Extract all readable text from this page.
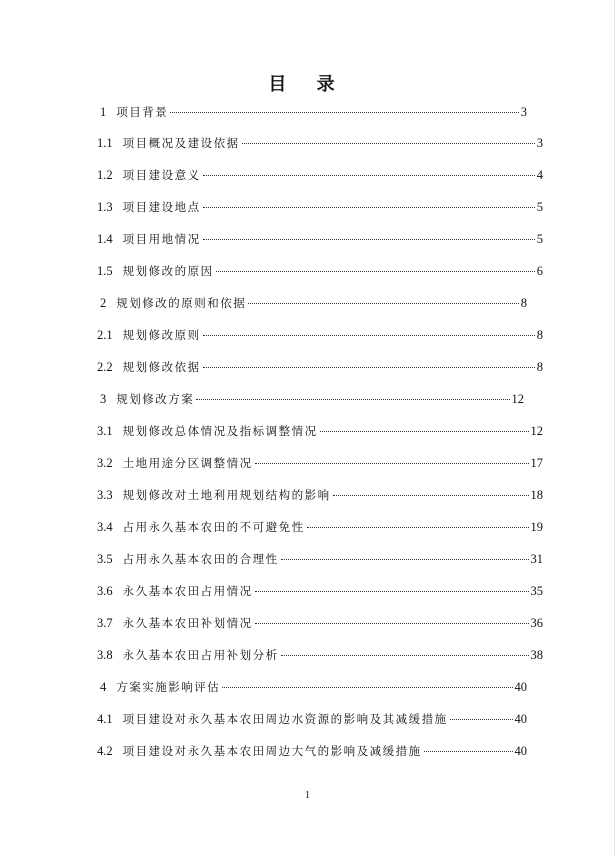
目 录
1 项目背景	3
1.1 项目概况及建设依据	3
1.2 项目建设意义	4
1.3 项目建设地点	5
1.4 项目用地情况	5
1.5 规划修改的原因	6
2 规划修改的原则和依据	8
2.1 规划修改原则	8
2.2 规划修改依据	8
3 规划修改方案	12
3.1 规划修改总体情况及指标调整情况	12
3.2 土地用途分区调整情况	17
3.3 规划修改对土地利用规划结构的影响	18
3.4 占用永久基本农田的不可避免性	19
3.5 占用永久基本农田的合理性	31
3.6 永久基本农田占用情况	35
3.7 永久基本农田补划情况	36
3.8 永久基本农田占用补划分析	38
4 方案实施影响评估	40
4.1 项目建设对永久基本农田周边水资源的影响及其减缓措施	40
4.2 项目建设对永久基本农田周边大气的影响及减缓措施	40
1
